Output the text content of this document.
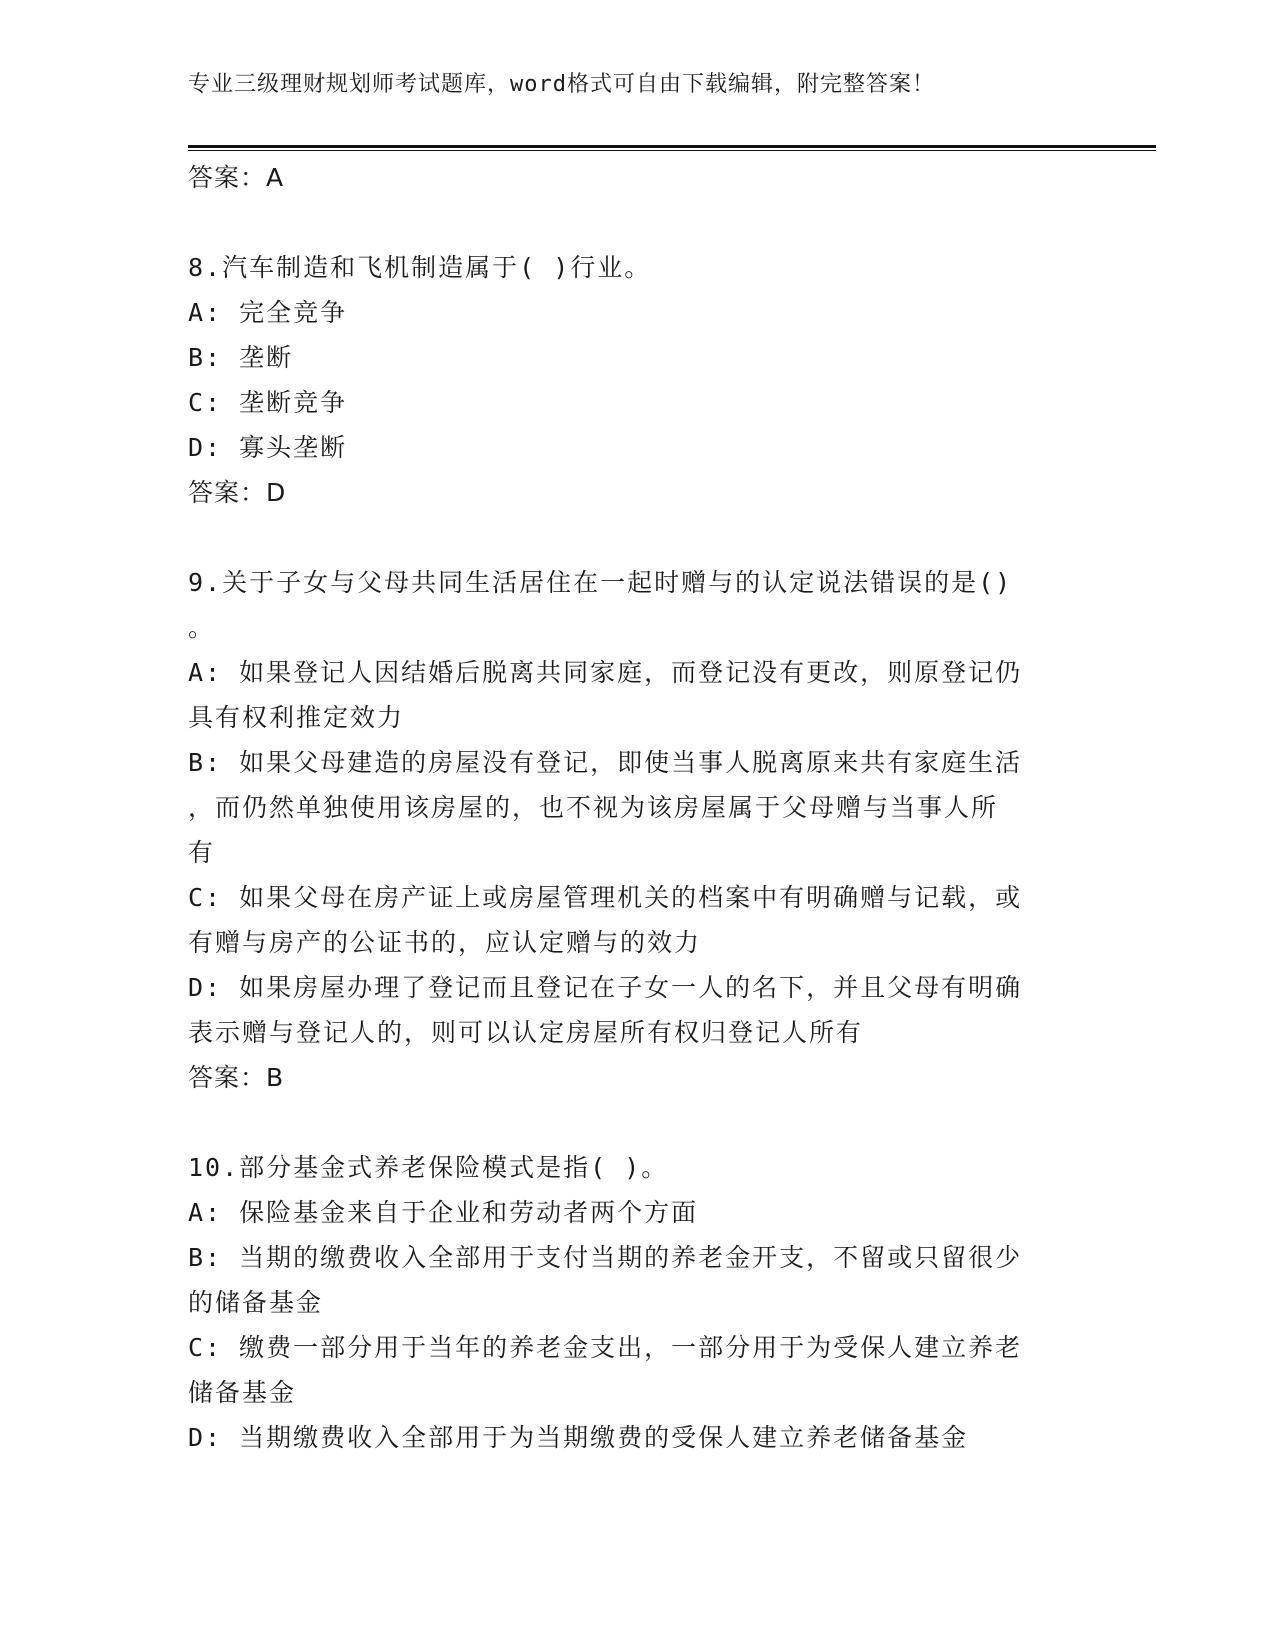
专业三级理财规划师考试题库，word格式可自由下载编辑，附完整答案！
答案：A
8.汽车制造和飞机制造属于( )行业。
A: 完全竞争
B: 垄断
C: 垄断竞争
D: 寡头垄断
答案：D
9.关于子女与父母共同生活居住在一起时赠与的认定说法错误的是()
。
A: 如果登记人因结婚后脱离共同家庭，而登记没有更改，则原登记仍
具有权利推定效力
B: 如果父母建造的房屋没有登记，即使当事人脱离原来共有家庭生活
，而仍然单独使用该房屋的，也不视为该房屋属于父母赠与当事人所
有
C: 如果父母在房产证上或房屋管理机关的档案中有明确赠与记载，或
有赠与房产的公证书的，应认定赠与的效力
D: 如果房屋办理了登记而且登记在子女一人的名下，并且父母有明确
表示赠与登记人的，则可以认定房屋所有权归登记人所有
答案：B
10.部分基金式养老保险模式是指( )。
A: 保险基金来自于企业和劳动者两个方面
B: 当期的缴费收入全部用于支付当期的养老金开支，不留或只留很少
的储备基金
C: 缴费一部分用于当年的养老金支出，一部分用于为受保人建立养老
储备基金
D: 当期缴费收入全部用于为当期缴费的受保人建立养老储备基金
